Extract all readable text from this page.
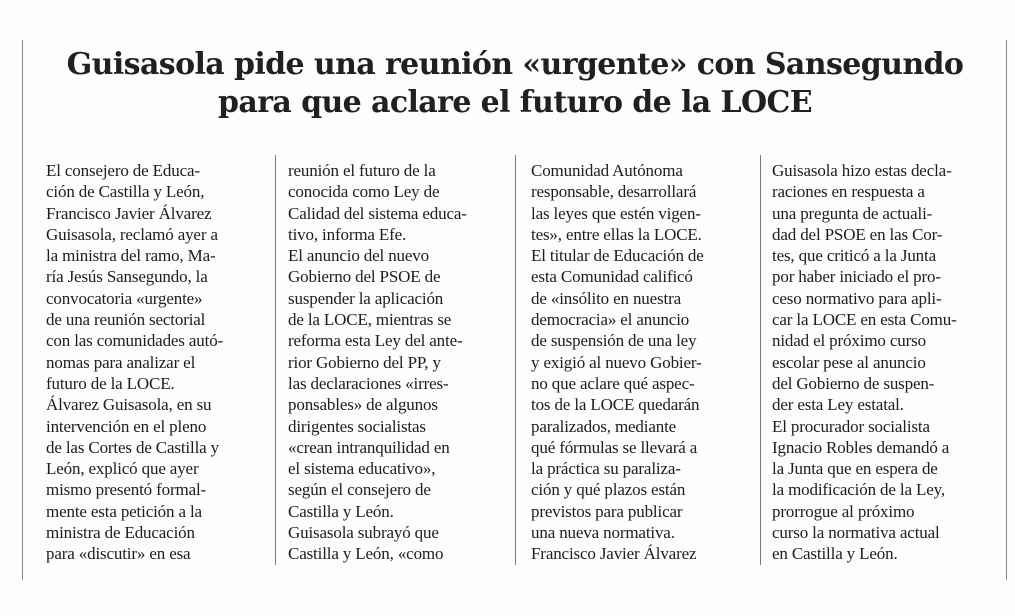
Guisasola pide una reunión «urgente» con Sansegundo para que aclare el futuro de la LOCE
El consejero de Educa-
ción de Castilla y León,
Francisco Javier Álvarez
Guisasola, reclamó ayer a
la ministra del ramo, Ma-
ría Jesús Sansegundo, la
convocatoria «urgente»
de una reunión sectorial
con las comunidades autó-
nomas para analizar el
futuro de la LOCE.
Álvarez Guisasola, en su
intervención en el pleno
de las Cortes de Castilla y
León, explicó que ayer
mismo presentó formal-
mente esta petición a la
ministra de Educación
para «discutir» en esa
reunión el futuro de la
conocida como Ley de
Calidad del sistema educa-
tivo, informa Efe.
El anuncio del nuevo
Gobierno del PSOE de
suspender la aplicación
de la LOCE, mientras se
reforma esta Ley del ante-
rior Gobierno del PP, y
las declaraciones «irres-
ponsables» de algunos
dirigentes socialistas
«crean intranquilidad en
el sistema educativo»,
según el consejero de
Castilla y León.
Guisasola subrayó que
Castilla y León, «como
Comunidad Autónoma
responsable, desarrollará
las leyes que estén vigen-
tes», entre ellas la LOCE.
El titular de Educación de
esta Comunidad calificó
de «insólito en nuestra
democracia» el anuncio
de suspensión de una ley
y exigió al nuevo Gobier-
no que aclare qué aspec-
tos de la LOCE quedarán
paralizados, mediante
qué fórmulas se llevará a
la práctica su paraliza-
ción y qué plazos están
previstos para publicar
una nueva normativa.
Francisco Javier Álvarez
Guisasola hizo estas decla-
raciones en respuesta a
una pregunta de actuali-
dad del PSOE en las Cor-
tes, que criticó a la Junta
por haber iniciado el pro-
ceso normativo para apli-
car la LOCE en esta Comu-
nidad el próximo curso
escolar pese al anuncio
del Gobierno de suspen-
der esta Ley estatal.
El procurador socialista
Ignacio Robles demandó a
la Junta que en espera de
la modificación de la Ley,
prorrogue al próximo
curso la normativa actual
en Castilla y León.
